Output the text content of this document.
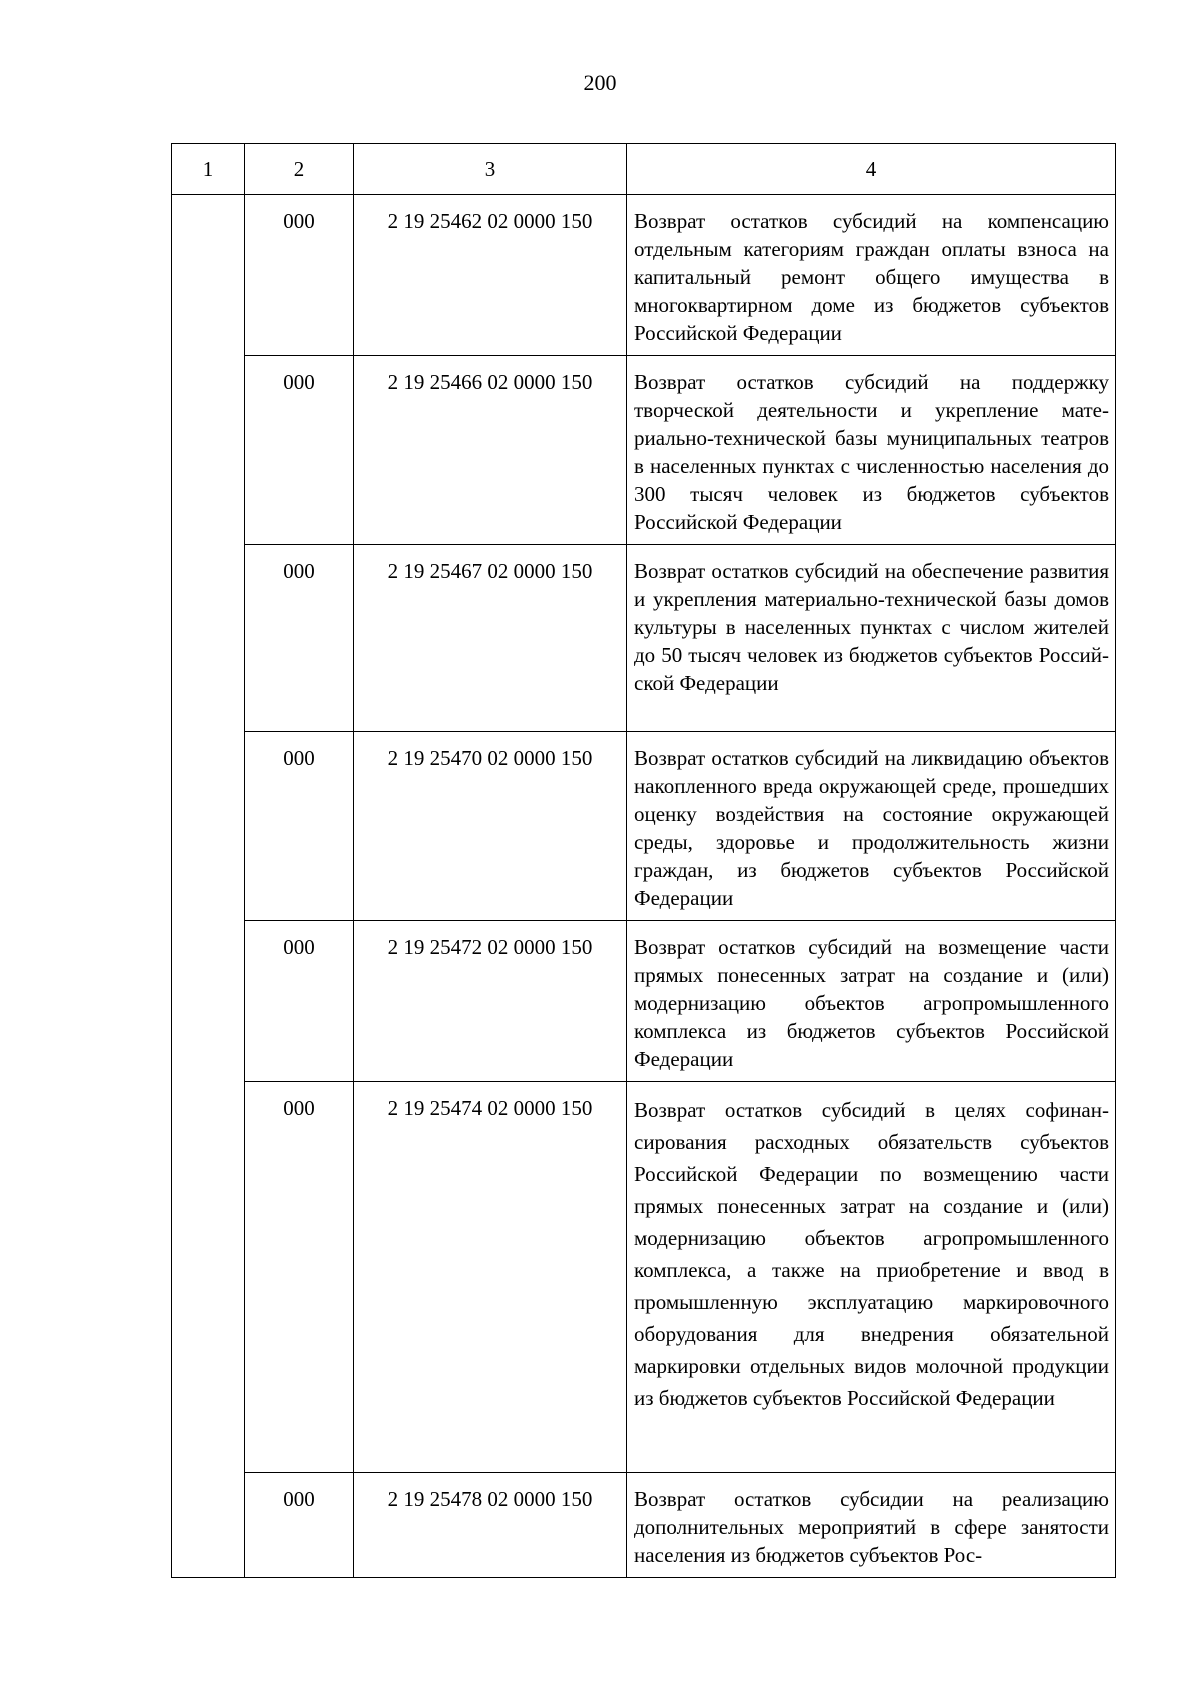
200
1	2	3	4
	000	2 19 25462 02 0000 150	Возврат остатков субсидий на компенсацию отдельным категориям граждан оплаты взноса на капитальный ремонт общего имущества в многоквартирном доме из бюджетов субъектов Российской Федерации
	000	2 19 25466 02 0000 150	Возврат остатков субсидий на поддержку творческой деятельности и укрепление материально-технической базы муниципальных театров в населенных пунктах с численностью населения до 300 тысяч человек из бюджетов субъектов Российской Федерации
	000	2 19 25467 02 0000 150	Возврат остатков субсидий на обеспечение развития и укрепления материально-технической базы домов культуры в населенных пунктах с числом жителей до 50 тысяч человек из бюджетов субъектов Российской Федерации
	000	2 19 25470 02 0000 150	Возврат остатков субсидий на ликвидацию объектов накопленного вреда окружающей среде, прошедших оценку воздействия на состояние окружающей среды, здоровье и продолжительность жизни граждан, из бюджетов субъектов Российской Федерации
	000	2 19 25472 02 0000 150	Возврат остатков субсидий на возмещение части прямых понесенных затрат на создание и (или) модернизацию объектов агропромышленного комплекса из бюджетов субъектов Российской Федерации
	000	2 19 25474 02 0000 150	Возврат остатков субсидий в целях софинансирования расходных обязательств субъектов Российской Федерации по возмещению части прямых понесенных затрат на создание и (или) модернизацию объектов агропромышленного комплекса, а также на приобретение и ввод в промышленную эксплуатацию маркировочного оборудования для внедрения обязательной маркировки отдельных видов молочной продукции из бюджетов субъектов Российской Федерации
	000	2 19 25478 02 0000 150	Возврат остатков субсидии на реализацию дополнительных мероприятий в сфере занятости населения из бюджетов субъектов Рос-
